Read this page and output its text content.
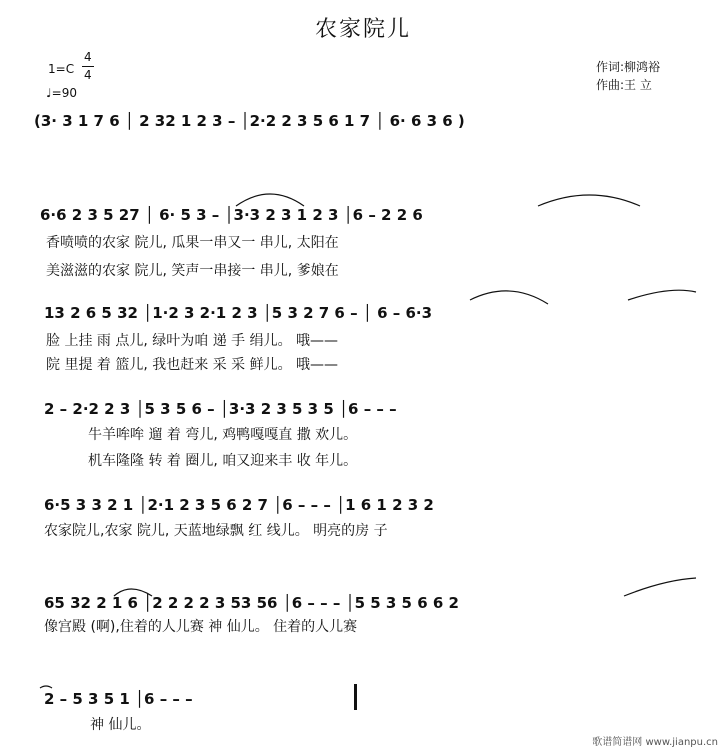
农家院儿
1=C
4
4
♩=90
作词:柳鸿裕
作曲:王 立
(3· 3 1 7 6 │ 2 32 1 2 3 – │2·2 2 3 5 6 1 7 │ 6· 6 3 6 )
6·6 2 3 5 27 │ 6· 5 3 – │3·3 2 3 1 2 3 │6 – 2 2 6
香喷喷的农家 院儿, 瓜果一串又一 串儿, 太阳在
美滋滋的农家 院儿, 笑声一串接一 串儿, 爹娘在
13 2 6 5 32 │1·2 3 2·1 2 3 │5 3 2 7 6 – │ 6 – 6·3
脸 上挂 雨 点儿, 绿叶为咱 递 手 绢儿。 哦——
院 里提 着 篮儿, 我也赶来 采 采 鲜儿。 哦——
2 – 2·2 2 3 │5 3 5 6 – │3·3 2 3 5 3 5 │6 – – –
牛羊哞哞 遛 着 弯儿, 鸡鸭嘎嘎直 撒 欢儿。
机车隆隆 转 着 圈儿, 咱又迎来丰 收 年儿。
6·5 3 3 2 1 │2·1 2 3 5 6 2 7 │6 – – – │1 6 1 2 3 2
农家院儿,农家 院儿, 天蓝地绿飘 红 线儿。 明亮的房 子
65 32 2 1 6 │2 2 2 2 3 53 56 │6 – – – │5 5 3 5 6 6 2
像宫殿 (啊),住着的人儿赛 神 仙儿。 住着的人儿赛
2 – 5 3 5 1 │6 – – –
神 仙儿。
歌谱简谱网 www.jianpu.cn
